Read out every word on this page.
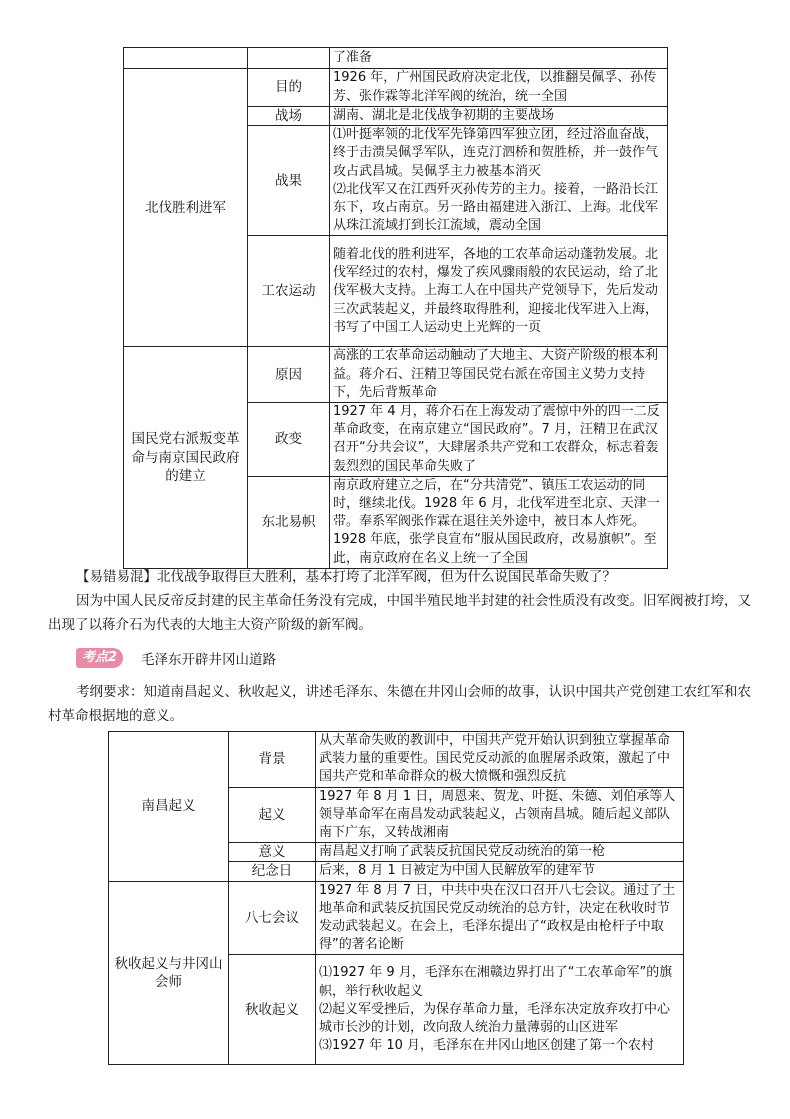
		了准备
北伐胜利进军	目的	1926 年，广州国民政府决定北伐，以推翻吴佩孚、孙传芳、张作霖等北洋军阀的统治，统一全国
	战场	湖南、湖北是北伐战争初期的主要战场
	战果	⑴叶挺率领的北伐军先锋第四军独立团，经过浴血奋战，终于击溃吴佩孚军队，连克汀泗桥和贺胜桥，并一鼓作气攻占武昌城。吴佩孚主力被基本消灭
⑵北伐军又在江西歼灭孙传芳的主力。接着，一路沿长江东下，攻占南京。另一路由福建进入浙江、上海。北伐军从珠江流域打到长江流域，震动全国
	工农运动	随着北伐的胜利进军，各地的工农革命运动蓬勃发展。北伐军经过的农村，爆发了疾风骤雨般的农民运动，给了北伐军极大支持。上海工人在中国共产党领导下，先后发动三次武装起义，并最终取得胜利，迎接北伐军进入上海，书写了中国工人运动史上光辉的一页
国民党右派叛变革命与南京国民政府的建立	原因	高涨的工农革命运动触动了大地主、大资产阶级的根本利益。蒋介石、汪精卫等国民党右派在帝国主义势力支持下，先后背叛革命
	政变	1927 年 4 月，蒋介石在上海发动了震惊中外的四一二反革命政变，在南京建立“国民政府”。7 月，汪精卫在武汉召开“分共会议”，大肆屠杀共产党和工农群众，标志着轰轰烈烈的国民革命失败了
	东北易帜	南京政府建立之后，在“分共清党”、镇压工农运动的同时，继续北伐。1928 年 6 月，北伐军进至北京、天津一带。奉系军阀张作霖在退往关外途中，被日本人炸死。1928 年底，张学良宣布“服从国民政府，改易旗帜”。至此，南京政府在名义上统一了全国

【易错易混】北伐战争取得巨大胜利，基本打垮了北洋军阀，但为什么说国民革命失败了？

因为中国人民反帝反封建的民主革命任务没有完成，中国半殖民地半封建的社会性质没有改变。旧军阀被打垮，又出现了以蒋介石为代表的大地主大资产阶级的新军阀。

考点2	毛泽东开辟井冈山道路

考纲要求：知道南昌起义、秋收起义，讲述毛泽东、朱德在井冈山会师的故事，认识中国共产党创建工农红军和农村革命根据地的意义。

南昌起义	背景	从大革命失败的教训中，中国共产党开始认识到独立掌握革命武装力量的重要性。国民党反动派的血腥屠杀政策，激起了中国共产党和革命群众的极大愤慨和强烈反抗
	起义	1927 年 8 月 1 日，周恩来、贺龙、叶挺、朱德、刘伯承等人领导革命军在南昌发动武装起义，占领南昌城。随后起义部队南下广东，又转战湘南
	意义	南昌起义打响了武装反抗国民党反动统治的第一枪
	纪念日	后来，8 月 1 日被定为中国人民解放军的建军节
秋收起义与井冈山会师	八七会议	1927 年 8 月 7 日，中共中央在汉口召开八七会议。通过了土地革命和武装反抗国民党反动统治的总方针，决定在秋收时节发动武装起义。在会上，毛泽东提出了“政权是由枪杆子中取得”的著名论断
	秋收起义	⑴1927 年 9 月，毛泽东在湘赣边界打出了“工农革命军”的旗帜，举行秋收起义
⑵起义军受挫后，为保存革命力量，毛泽东决定放弃攻打中心城市长沙的计划，改向敌人统治力量薄弱的山区进军
⑶1927 年 10 月，毛泽东在井冈山地区创建了第一个农村
